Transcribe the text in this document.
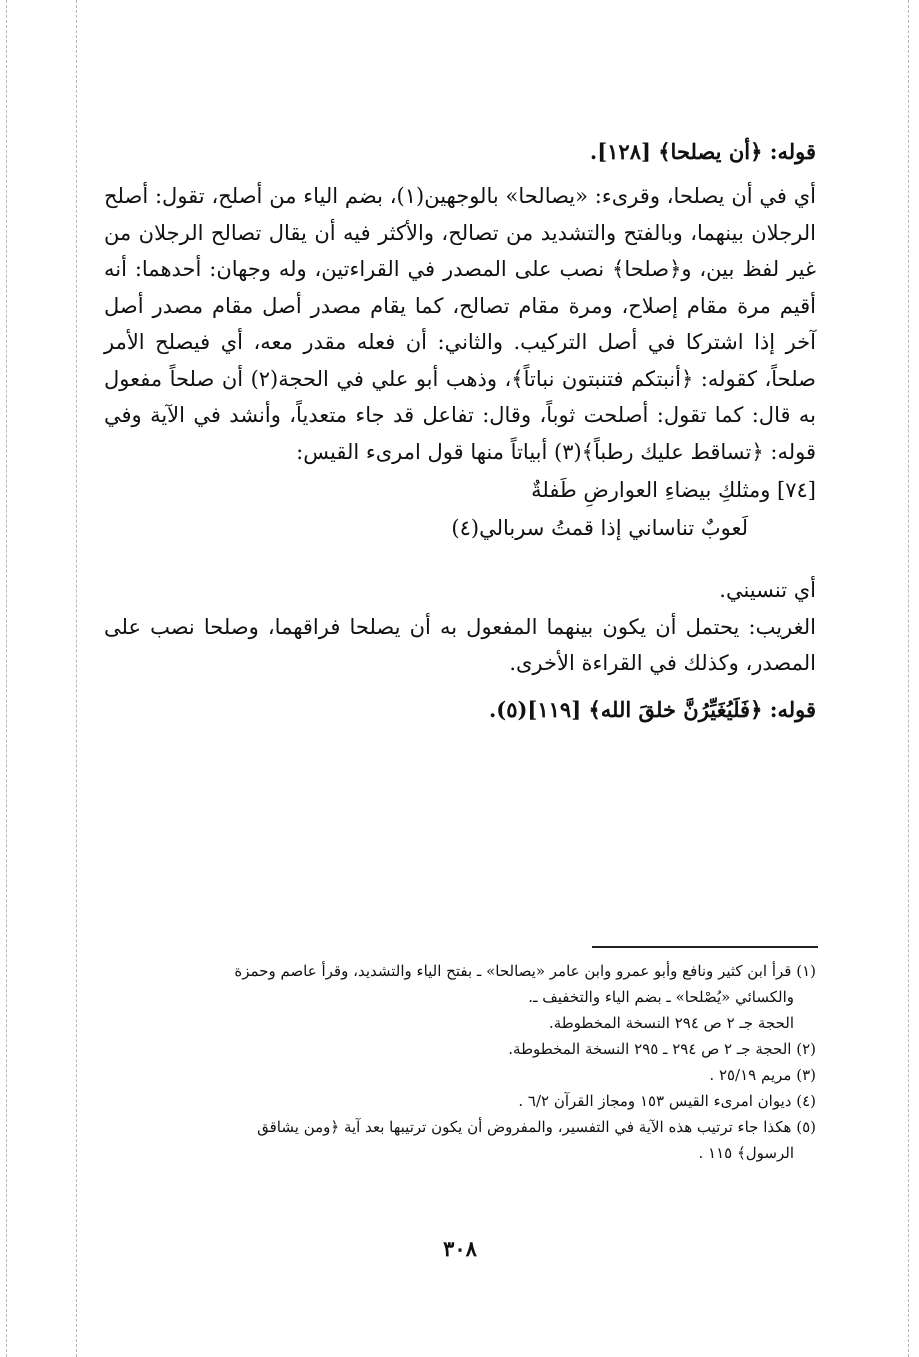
قوله: ﴿أن يصلحا﴾ [١٢٨].

أي في أن يصلحا، وقرىء: «يصالحا» بالوجهين(١)، بضم الياء من أصلح، تقول: أصلح الرجلان بينهما، وبالفتح والتشديد من تصالح، والأكثر فيه أن يقال تصالح الرجلان من غير لفظ بين، و﴿صلحا﴾ نصب على المصدر في القراءتين، وله وجهان: أحدهما: أنه أقيم مرة مقام إصلاح، ومرة مقام تصالح، كما يقام مصدر أصل مقام مصدر أصل آخر إذا اشتركا في أصل التركيب. والثاني: أن فعله مقدر معه، أي فيصلح الأمر صلحاً، كقوله: ﴿أنبتكم فتنبتون نباتاً﴾، وذهب أبو علي في الحجة(٢) أن صلحاً مفعول به قال: كما تقول: أصلحت ثوباً، وقال: تفاعل قد جاء متعدياً، وأنشد في الآية وفي قوله: ﴿تساقط عليك رطباً﴾(٣) أبياتاً منها قول امرىء القيس:

[٧٤] ومثلكِ بيضاءِ العوارضِ طَفلةٌ
لَعوبٌ تناساني إذا قمتُ سربالي(٤)

أي تنسيني.

الغريب: يحتمل أن يكون بينهما المفعول به أن يصلحا فراقهما، وصلحا نصب على المصدر، وكذلك في القراءة الأخرى.

قوله: ﴿فَلَيُغَيِّرُنَّ خلقَ الله﴾ [١١٩](٥).

(١) قرأ ابن كثير ونافع وأبو عمرو وابن عامر «يصالحا» ـ بفتح الياء والتشديد، وقرأ عاصم وحمزة

والكسائي «يُصْلحا» ـ بضم الياء والتخفيف ـ.

الحجة جـ ٢ ص ٢٩٤ النسخة المخطوطة.

(٢) الحجة جـ ٢ ص ٢٩٤ ـ ٢٩٥ النسخة المخطوطة.

(٣) مريم ٢٥/١٩ .

(٤) ديوان امرىء القيس ١٥٣ ومجاز القرآن ٦/٢ .

(٥) هكذا جاء ترتيب هذه الآية في التفسير، والمفروض أن يكون ترتيبها بعد آية ﴿ومن يشاقق

الرسول﴾ ١١٥ .

٣٠٨
